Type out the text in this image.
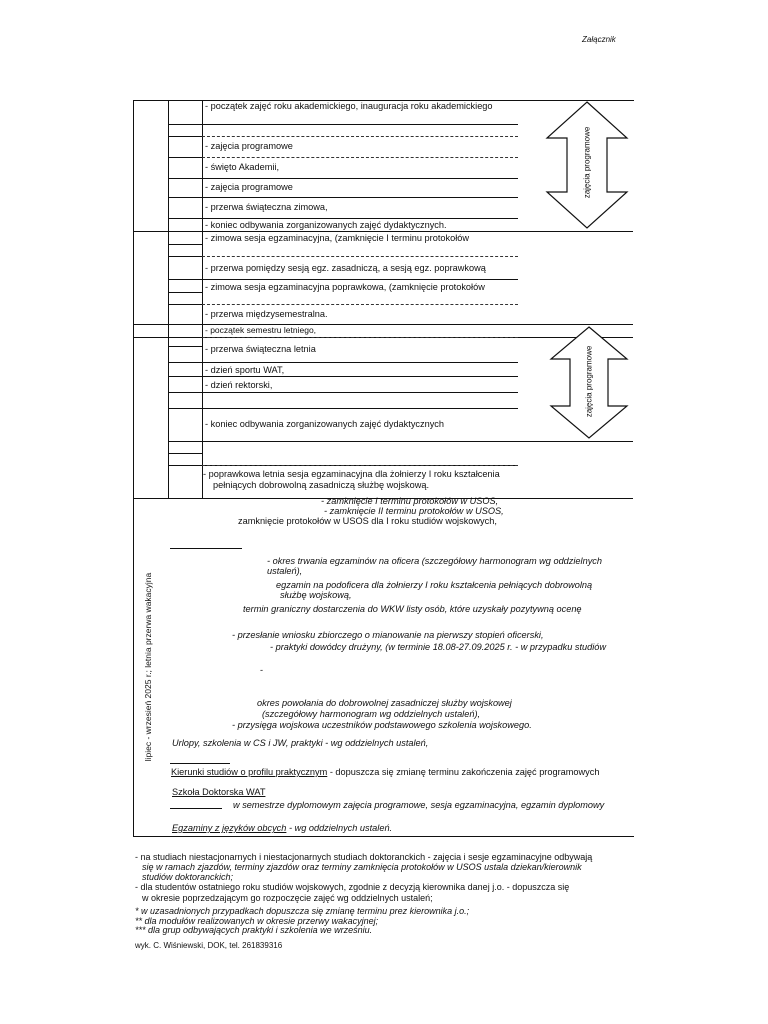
Załącznik
- początek zajęć roku akademickiego, inauguracja roku akademickiego
- zajęcia programowe
- święto Akademii,
- zajęcia programowe
- przerwa świąteczna zimowa,
- koniec odbywania zorganizowanych zajęć dydaktycznych.
- zimowa sesja egzaminacyjna, (zamknięcie I terminu protokołów
- przerwa pomiędzy sesją egz. zasadniczą, a sesją egz. poprawkową
- zimowa sesja egzaminacyjna poprawkowa, (zamknięcie protokołów
- przerwa międzysemestralna.
- początek semestru letniego,
- przerwa świąteczna letnia
- dzień sportu WAT,
- dzień rektorski,
- koniec odbywania zorganizowanych zajęć dydaktycznych
- poprawkowa letnia sesja egzaminacyjna dla żołnierzy I roku kształcenia
pełniących dobrowolną zasadniczą służbę wojskową.
zajęcia programowe
zajęcia programowe
lipiec - wrzesień 2025 r.; letnia przerwa wakacyjna
- zamknięcie I terminu protokołów w USOS,
- zamknięcie II terminu protokołów w USOS,
zamknięcie protokołów w USOS dla I roku studiów wojskowych,
- okres trwania egzaminów na oficera (szczegółowy harmonogram wg oddzielnych
ustaleń),
egzamin na podoficera dla żołnierzy I roku kształcenia pełniących dobrowolną
służbę wojskową,
termin graniczny dostarczenia do WKW listy osób, które uzyskały pozytywną ocenę
- przesłanie wniosku zbiorczego o mianowanie na pierwszy stopień oficerski,
- praktyki dowódcy drużyny, (w terminie 18.08-27.09.2025 r. - w przypadku studiów
-
okres powołania do dobrowolnej zasadniczej służby wojskowej
(szczegółowy harmonogram wg oddzielnych ustaleń),
- przysięga wojskowa uczestników podstawowego szkolenia wojskowego.
Urlopy, szkolenia w CS i JW, praktyki - wg oddzielnych ustaleń,
Kierunki studiów o profilu praktycznym - dopuszcza się zmianę terminu zakończenia zajęć programowych
Szkoła Doktorska WAT
w semestrze dyplomowym zajęcia programowe, sesja egzaminacyjna, egzamin dyplomowy
Egzaminy z języków obcych - wg oddzielnych ustaleń.
- na studiach niestacjonarnych i niestacjonarnych studiach doktoranckich - zajęcia i sesje egzaminacyjne odbywają
się w ramach zjazdów, terminy zjazdów oraz terminy zamknięcia protokołów w USOS ustala dziekan/kierownik
studiów doktoranckich;
- dla studentów ostatniego roku studiów wojskowych, zgodnie z decyzją kierownika danej j.o. - dopuszcza się
w okresie poprzedzającym go rozpoczęcie zajęć wg oddzielnych ustaleń;
* w uzasadnionych przypadkach dopuszcza się zmianę terminu prez kierownika j.o.;
** dla modułów realizowanych w okresie przerwy wakacyjnej;
*** dla grup odbywających praktyki i szkolenia we wrześniu.
wyk. C. Wiśniewski, DOK, tel. 261839316
